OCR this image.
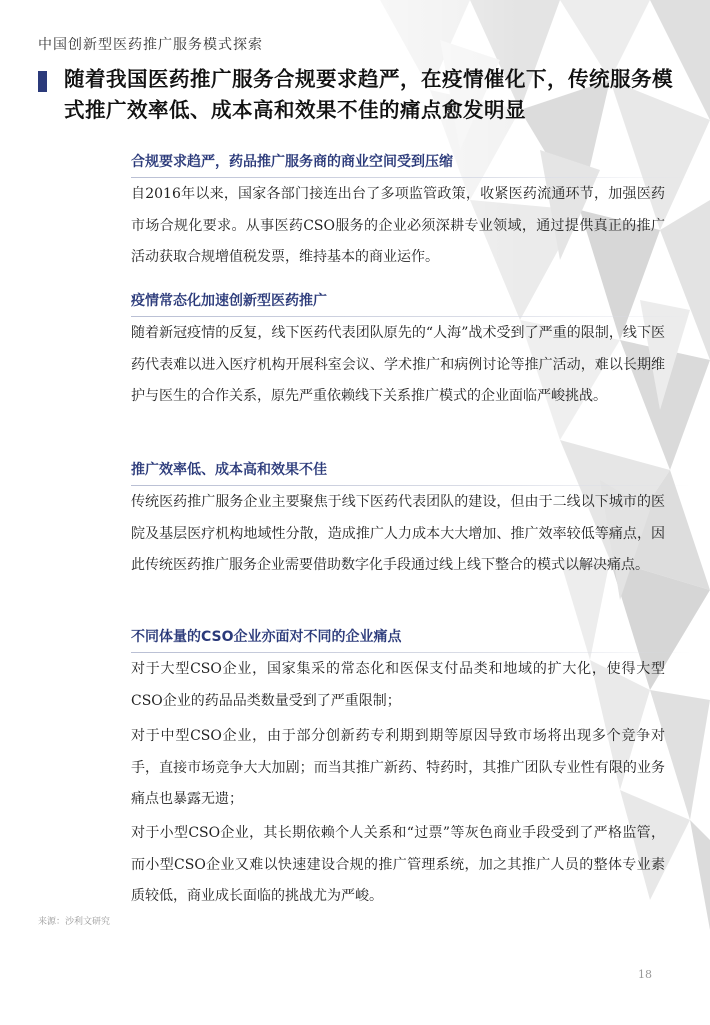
中国创新型医药推广服务模式探索
随着我国医药推广服务合规要求趋严，在疫情催化下，传统服务模式推广效率低、成本高和效果不佳的痛点愈发明显
合规要求趋严，药品推广服务商的商业空间受到压缩

自2016年以来，国家各部门接连出台了多项监管政策，收紧医药流通环节，加强医药市场合规化要求。从事医药CSO服务的企业必须深耕专业领域，通过提供真正的推广活动获取合规增值税发票，维持基本的商业运作。

疫情常态化加速创新型医药推广

随着新冠疫情的反复，线下医药代表团队原先的“人海”战术受到了严重的限制，线下医药代表难以进入医疗机构开展科室会议、学术推广和病例讨论等推广活动，难以长期维护与医生的合作关系，原先严重依赖线下关系推广模式的企业面临严峻挑战。

推广效率低、成本高和效果不佳

传统医药推广服务企业主要聚焦于线下医药代表团队的建设，但由于二线以下城市的医院及基层医疗机构地域性分散，造成推广人力成本大大增加、推广效率较低等痛点，因此传统医药推广服务企业需要借助数字化手段通过线上线下整合的模式以解决痛点。

不同体量的CSO企业亦面对不同的企业痛点

对于大型CSO企业，国家集采的常态化和医保支付品类和地域的扩大化，使得大型CSO企业的药品品类数量受到了严重限制；

对于中型CSO企业，由于部分创新药专利期到期等原因导致市场将出现多个竞争对手，直接市场竞争大大加剧；而当其推广新药、特药时，其推广团队专业性有限的业务痛点也暴露无遗；

对于小型CSO企业，其长期依赖个人关系和“过票”等灰色商业手段受到了严格监管，而小型CSO企业又难以快速建设合规的推广管理系统，加之其推广人员的整体专业素质较低，商业成长面临的挑战尤为严峻。

来源：沙利文研究
18
